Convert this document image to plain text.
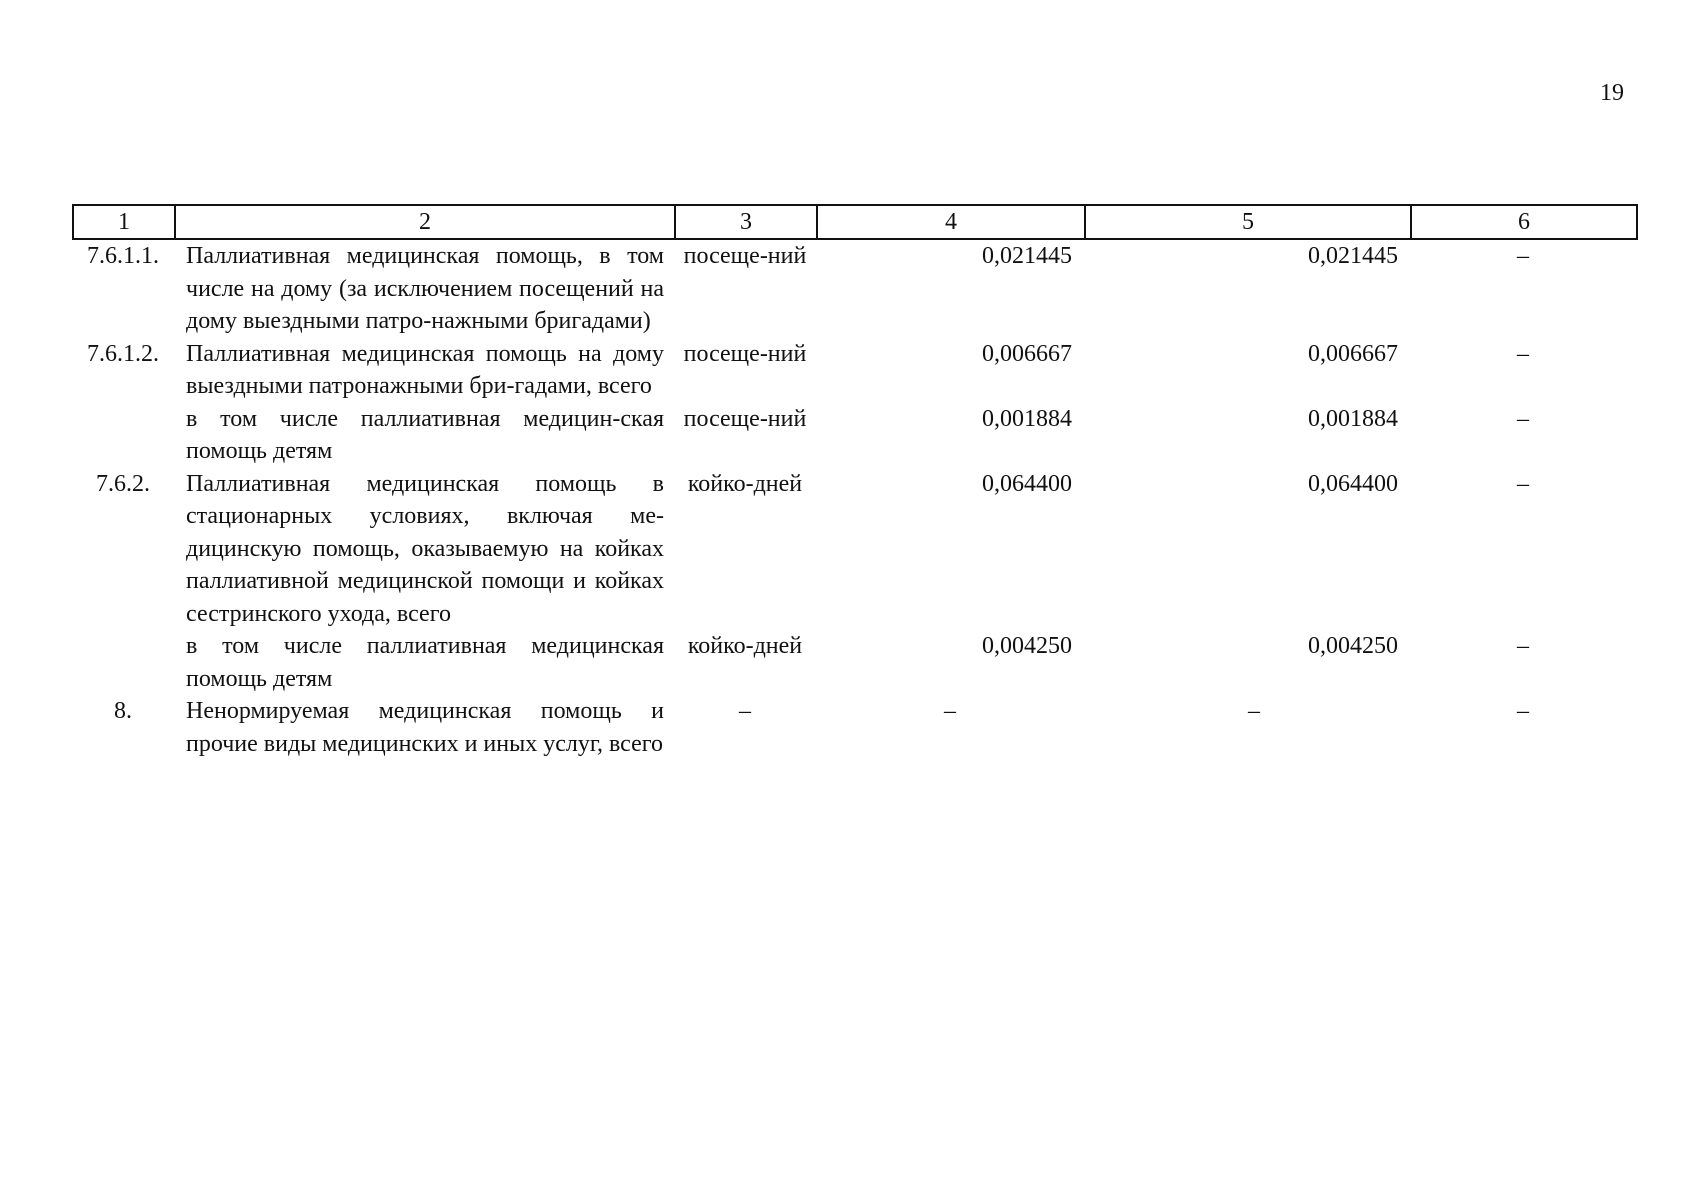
19
1	2	3	4	5	6
7.6.1.1.	Паллиативная медицинская помощь, в том числе на дому (за исключением посещений на дому выездными патро-нажными бригадами)	посеще-ний	0,021445	0,021445	–
7.6.1.2.	Паллиативная медицинская помощь на дому выездными патронажными бри-гадами, всего	посеще-ний	0,006667	0,006667	–
	в том числе паллиативная медицин-ская помощь детям	посеще-ний	0,001884	0,001884	–
7.6.2.	Паллиативная медицинская помощь в стационарных условиях, включая ме-дицинскую помощь, оказываемую на койках паллиативной медицинской помощи и койках сестринского ухода, всего	койко-дней	0,064400	0,064400	–
	в том числе паллиативная медицинская помощь детям	койко-дней	0,004250	0,004250	–
8.	Ненормируемая медицинская помощь и прочие виды медицинских и иных услуг, всего	–	–	–	–
